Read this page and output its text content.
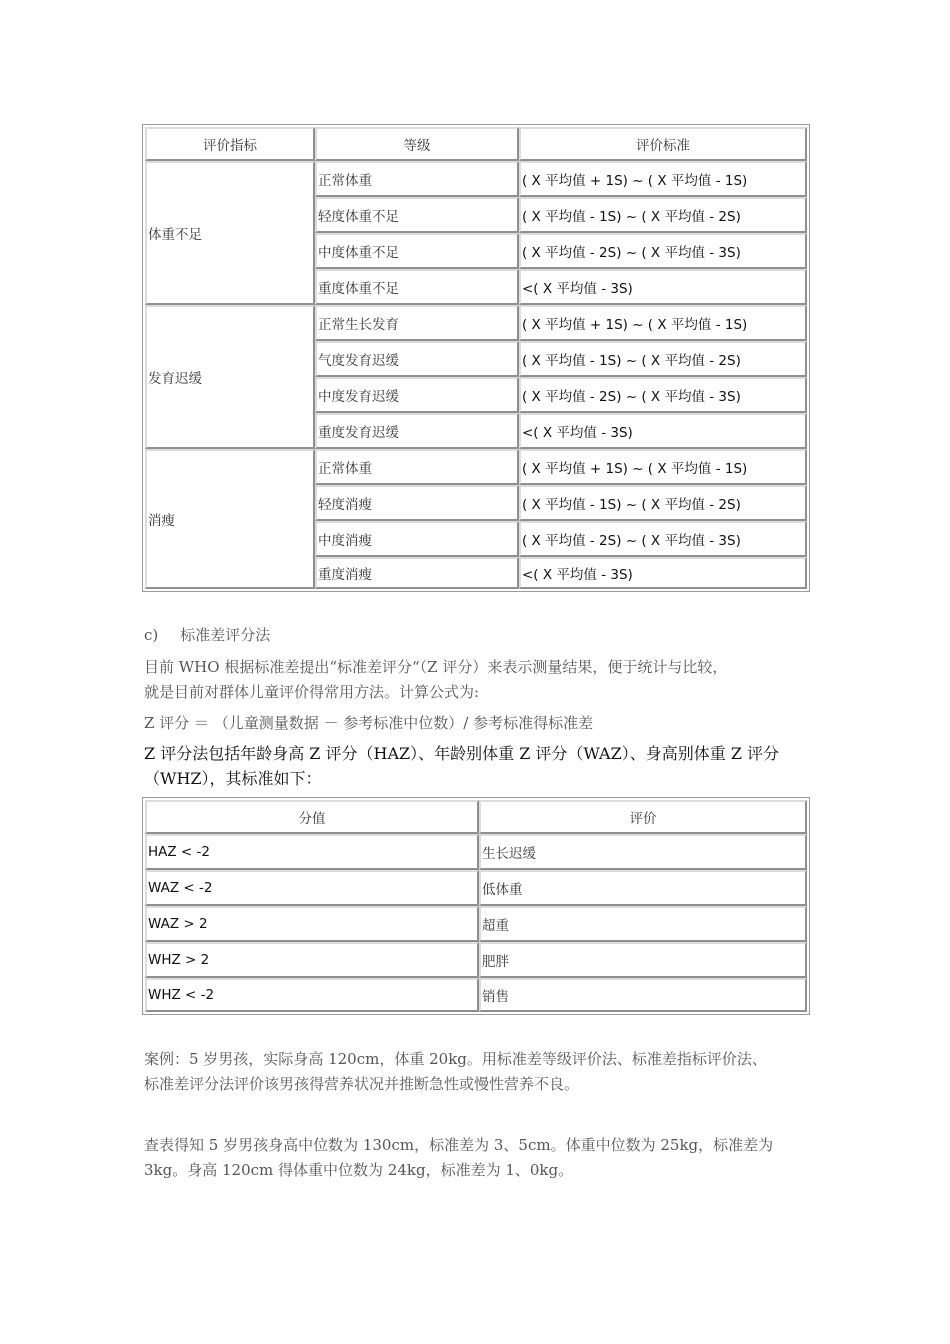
评价指标	等级	评价标准
体重不足
正常体重	( X 平均值 + 1S) ~ ( X 平均值 - 1S)
轻度体重不足	( X 平均值 - 1S) ~ ( X 平均值 - 2S)
中度体重不足	( X 平均值 - 2S) ~ ( X 平均值 - 3S)
重度体重不足	<( X 平均值 - 3S)
发育迟缓
正常生长发育	( X 平均值 + 1S) ~ ( X 平均值 - 1S)
气度发育迟缓	( X 平均值 - 1S) ~ ( X 平均值 - 2S)
中度发育迟缓	( X 平均值 - 2S) ~ ( X 平均值 - 3S)
重度发育迟缓	<( X 平均值 - 3S)
消瘦
正常体重	( X 平均值 + 1S) ~ ( X 平均值 - 1S)
轻度消瘦	( X 平均值 - 1S) ~ ( X 平均值 - 2S)
中度消瘦	( X 平均值 - 2S) ~ ( X 平均值 - 3S)
重度消瘦	<( X 平均值 - 3S)
c) 标准差评分法
目前 WHO 根据标准差提出“标准差评分“（Z 评分）来表示测量结果，便于统计与比较，
就是目前对群体儿童评价得常用方法。计算公式为:
Z 评分 ＝ （儿童测量数据 － 参考标准中位数）/ 参考标准得标准差
Z 评分法包括年龄身高 Z 评分（HAZ）、年龄别体重 Z 评分（WAZ）、身高别体重 Z 评分
（WHZ），其标准如下：
分值	评价
HAZ < -2	生长迟缓
WAZ < -2	低体重
WAZ > 2	超重
WHZ > 2	肥胖
WHZ < -2	销售
案例：5 岁男孩，实际身高 120cm，体重 20kg。用标准差等级评价法、标准差指标评价法、
标准差评分法评价该男孩得营养状况并推断急性或慢性营养不良。
查表得知 5 岁男孩身高中位数为 130cm，标准差为 3、5cm。体重中位数为 25kg，标准差为
3kg。身高 120cm 得体重中位数为 24kg，标准差为 1、0kg。
